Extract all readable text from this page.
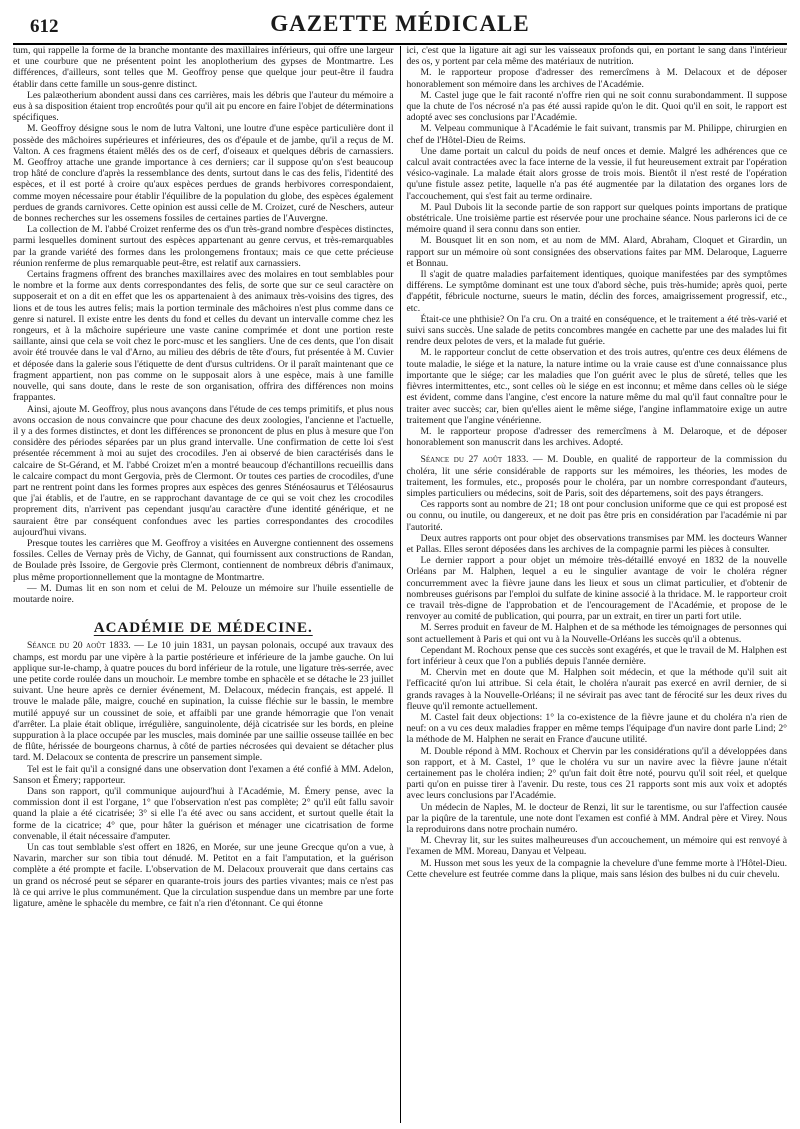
612	GAZETTE MÉDICALE

tum, qui rappelle la forme de la branche montante des maxillaires inférieurs, qui offre une largeur et une courbure que ne présentent point les anoplotherium des gypses de Montmartre. Les différences, d'ailleurs, sont telles que M. Geoffroy pense que quelque jour peut-être il faudra établir dans cette famille un sous-genre distinct.

Les palæotherium abondent aussi dans ces carrières, mais les débris que l'auteur du mémoire a eus à sa disposition étaient trop encroûtés pour qu'il ait pu encore en faire l'objet de déterminations spécifiques.

M. Geoffroy désigne sous le nom de lutra Valtoni, une loutre d'une espèce particulière dont il possède des mâchoires supérieures et inférieures, des os d'épaule et de jambe, qu'il a reçus de M. Valton. A ces fragmens étaient mêlés des os de cerf, d'oiseaux et quelques débris de carnassiers. M. Geoffroy attache une grande importance à ces derniers; car il suppose qu'on s'est beaucoup trop hâté de conclure d'après la ressemblance des dents, surtout dans le cas des felis, l'identité des espèces, et il est porté à croire qu'aux espèces perdues de grands herbivores correspondaient, comme moyen nécessaire pour établir l'équilibre de la population du globe, des espèces également perdues de grands carnivores. Cette opinion est aussi celle de M. Croizet, curé de Neschers, auteur de bonnes recherches sur les ossemens fossiles de certaines parties de l'Auvergne.

La collection de M. l'abbé Croizet renferme des os d'un très-grand nombre d'espèces distinctes, parmi lesquelles dominent surtout des espèces appartenant au genre cervus, et très-remarquables par la grande variété des formes dans les prolongemens frontaux; mais ce que cette précieuse réunion renferme de plus remarquable peut-être, est relatif aux carnassiers.

Certains fragmens offrent des branches maxillaires avec des molaires en tout semblables pour le nombre et la forme aux dents correspondantes des felis, de sorte que sur ce seul caractère on supposerait et on a dit en effet que les os appartenaient à des animaux très-voisins des tigres, des lions et de tous les autres felis; mais la portion terminale des mâchoires n'est plus comme dans ce genre si naturel. Il existe entre les dents du fond et celles du devant un intervalle comme chez les rongeurs, et à la mâchoire supérieure une vaste canine comprimée et dont une portion reste saillante, ainsi que cela se voit chez le porc-musc et les sangliers. Une de ces dents, que l'on disait avoir été trouvée dans le val d'Arno, au milieu des débris de tête d'ours, fut présentée à M. Cuvier et déposée dans la galerie sous l'étiquette de dent d'ursus cultridens. Or il paraît maintenant que ce fragment appartient, non pas comme on le supposait alors à une espèce, mais à une famille nouvelle, qui sans doute, dans le reste de son organisation, offrira des différences non moins frappantes.

Ainsi, ajoute M. Geoffroy, plus nous avançons dans l'étude de ces temps primitifs, et plus nous avons occasion de nous convaincre que pour chacune des deux zoologies, l'ancienne et l'actuelle, il y a des formes distinctes, et dont les différences se prononcent de plus en plus à mesure que l'on considère des périodes séparées par un plus grand intervalle. Une confirmation de cette loi s'est présentée récemment à moi au sujet des crocodiles. J'en ai observé de bien caractérisés dans le calcaire de St-Gérand, et M. l'abbé Croizet m'en a montré beaucoup d'échantillons recueillis dans le calcaire compact du mont Gergovia, près de Clermont. Or toutes ces parties de crocodiles, d'une part ne rentrent point dans les formes propres aux espèces des genres Sténéosaurus et Téléosaurus que j'ai établis, et de l'autre, en se rapprochant davantage de ce qui se voit chez les crocodiles proprement dits, n'arrivent pas cependant jusqu'au caractère d'une identité générique, et ne sauraient être par conséquent confondues avec les parties correspondantes des crocodiles aujourd'hui vivans.

Presque toutes les carrières que M. Geoffroy a visitées en Auvergne contiennent des ossemens fossiles. Celles de Vernay près de Vichy, de Gannat, qui fournissent aux constructions de Randan, de Boulade près Issoire, de Gergovie près Clermont, contiennent de nombreux débris d'animaux, plus même proportionnellement que la montagne de Montmartre.

— M. Dumas lit en son nom et celui de M. Pelouze un mémoire sur l'huile essentielle de moutarde noire.

ACADÉMIE DE MÉDECINE.

Séance du 20 août 1833. — Le 10 juin 1831, un paysan polonais, occupé aux travaux des champs, est mordu par une vipère à la partie postérieure et inférieure de la jambe gauche. On lui applique sur-le-champ, à quatre pouces du bord inférieur de la rotule, une ligature très-serrée, avec une petite corde roulée dans un mouchoir. Le membre tombe en sphacèle et se détache le 23 juillet suivant. Une heure après ce dernier événement, M. Delacoux, médecin français, est appelé. Il trouve le malade pâle, maigre, couché en supination, la cuisse fléchie sur le bassin, le membre mutilé appuyé sur un coussinet de soie, et affaibli par une grande hémorragie que l'on venait d'arrêter. La plaie était oblique, irrégulière, sanguinolente, déjà cicatrisée sur les bords, en pleine suppuration à la place occupée par les muscles, mais dominée par une saillie osseuse taillée en bec de flûte, hérissée de bourgeons charnus, à côté de parties nécrosées qui devaient se détacher plus tard. M. Delacoux se contenta de prescrire un pansement simple.

Tel est le fait qu'il a consigné dans une observation dont l'examen a été confié à MM. Adelon, Sanson et Émery; rapporteur.

Dans son rapport, qu'il communique aujourd'hui à l'Académie, M. Émery pense, avec la commission dont il est l'organe, 1° que l'observation n'est pas complète; 2° qu'il eût fallu savoir quand la plaie a été cicatrisée; 3° si elle l'a été avec ou sans accident, et surtout quelle était la forme de la cicatrice; 4° que, pour hâter la guérison et ménager une cicatrisation de forme convenable, il était nécessaire d'amputer.

Un cas tout semblable s'est offert en 1826, en Morée, sur une jeune Grecque qu'on a vue, à Navarin, marcher sur son tibia tout dénudé. M. Petitot en a fait l'amputation, et la guérison complète a été prompte et facile. L'observation de M. Delacoux prouverait que dans certains cas un grand os nécrosé peut se séparer en quarante-trois jours des parties vivantes; mais ce n'est pas là ce qui arrive le plus communément. Que la circulation suspendue dans un membre par une forte ligature, amène le sphacèle du membre, ce fait n'a rien d'étonnant. Ce qui étonne

ici, c'est que la ligature ait agi sur les vaisseaux profonds qui, en portant le sang dans l'intérieur des os, y portent par cela même des matériaux de nutrition.

M. le rapporteur propose d'adresser des remercîmens à M. Delacoux et de déposer honorablement son mémoire dans les archives de l'Académie.

M. Castel juge que le fait raconté n'offre rien qui ne soit connu surabondamment. Il suppose que la chute de l'os nécrosé n'a pas été aussi rapide qu'on le dit. Quoi qu'il en soit, le rapport est adopté avec ses conclusions par l'Académie.

M. Velpeau communique à l'Académie le fait suivant, transmis par M. Philippe, chirurgien en chef de l'Hôtel-Dieu de Reims.

Une dame portait un calcul du poids de neuf onces et demie. Malgré les adhérences que ce calcul avait contractées avec la face interne de la vessie, il fut heureusement extrait par l'opération vésico-vaginale. La malade était alors grosse de trois mois. Bientôt il n'est resté de l'opération qu'une fistule assez petite, laquelle n'a pas été augmentée par la dilatation des organes lors de l'accouchement, qui s'est fait au terme ordinaire.

M. Paul Dubois lit la seconde partie de son rapport sur quelques points importans de pratique obstétricale. Une troisième partie est réservée pour une prochaine séance. Nous parlerons ici de ce mémoire quand il sera connu dans son entier.

M. Bousquet lit en son nom, et au nom de MM. Alard, Abraham, Cloquet et Girardin, un rapport sur un mémoire où sont consignées des observations faites par MM. Delaroque, Laguerre et Bonnau.

Il s'agit de quatre maladies parfaitement identiques, quoique manifestées par des symptômes différens. Le symptôme dominant est une toux d'abord sèche, puis très-humide; après quoi, perte d'appétit, fébricule nocturne, sueurs le matin, déclin des forces, amaigrissement progressif, etc., etc.

Était-ce une phthisie? On l'a cru. On a traité en conséquence, et le traitement a été très-varié et suivi sans succès. Une salade de petits concombres mangée en cachette par une des malades lui fit rendre deux pelotes de vers, et la malade fut guérie.

M. le rapporteur conclut de cette observation et des trois autres, qu'entre ces deux élémens de toute maladie, le siége et la nature, la nature intime ou la vraie cause est d'une connaissance plus importante que le siége; car les maladies que l'on guérit avec le plus de sûreté, telles que les fièvres intermittentes, etc., sont celles où le siége en est inconnu; et même dans celles où le siége est évident, comme dans l'angine, c'est encore la nature même du mal qu'il faut connaître pour le traiter avec succès; car, bien qu'elles aient le même siége, l'angine inflammatoire exige un autre traitement que l'angine vénérienne.

M. le rapporteur propose d'adresser des remercîmens à M. Delaroque, et de déposer honorablement son manuscrit dans les archives. Adopté.

Séance du 27 août 1833. — M. Double, en qualité de rapporteur de la commission du choléra, lit une série considérable de rapports sur les mémoires, les théories, les modes de traitement, les formules, etc., proposés pour le choléra, par un nombre correspondant d'auteurs, simples particuliers ou médecins, soit de Paris, soit des départemens, soit des pays étrangers.

Ces rapports sont au nombre de 21; 18 ont pour conclusion uniforme que ce qui est proposé est ou connu, ou inutile, ou dangereux, et ne doit pas être pris en considération par l'académie ni par l'autorité.

Deux autres rapports ont pour objet des observations transmises par MM. les docteurs Wanner et Pallas. Elles seront déposées dans les archives de la compagnie parmi les pièces à consulter.

Le dernier rapport a pour objet un mémoire très-détaillé envoyé en 1832 de la nouvelle Orléans par M. Halphen, lequel a eu le singulier avantage de voir le choléra régner concurremment avec la fièvre jaune dans les lieux et sous un climat particulier, et d'obtenir de nombreuses guérisons par l'emploi du sulfate de kinine associé à la thridace. M. le rapporteur croit ce travail très-digne de l'approbation et de l'encouragement de l'Académie, et propose de le renvoyer au comité de publication, qui pourra, par un extrait, en tirer un parti fort utile.

M. Serres produit en faveur de M. Halphen et de sa méthode les témoignages de personnes qui sont actuellement à Paris et qui ont vu à la Nouvelle-Orléans les succès qu'il a obtenus.

Cependant M. Rochoux pense que ces succès sont exagérés, et que le travail de M. Halphen est fort inférieur à ceux que l'on a publiés depuis l'année dernière.

M. Chervin met en doute que M. Halphen soit médecin, et que la méthode qu'il suit ait l'efficacité qu'on lui attribue. Si cela était, le choléra n'aurait pas exercé en avril dernier, de si grands ravages à la Nouvelle-Orléans; il ne sévirait pas avec tant de férocité sur les deux rives du fleuve qu'il remonte actuellement.

M. Castel fait deux objections: 1° la co-existence de la fièvre jaune et du choléra n'a rien de neuf: on a vu ces deux maladies frapper en même temps l'équipage d'un navire dont parle Lind; 2° la méthode de M. Halphen ne serait en France d'aucune utilité.

M. Double répond à MM. Rochoux et Chervin par les considérations qu'il a développées dans son rapport, et à M. Castel, 1° que le choléra vu sur un navire avec la fièvre jaune n'était certainement pas le choléra indien; 2° qu'un fait doit être noté, pourvu qu'il soit réel, et quelque parti qu'on en puisse tirer à l'avenir. Du reste, tous ces 21 rapports sont mis aux voix et adoptés avec leurs conclusions par l'Académie.

Un médecin de Naples, M. le docteur de Renzi, lit sur le tarentisme, ou sur l'affection causée par la piqûre de la tarentule, une note dont l'examen est confié à MM. Andral père et Virey. Nous la reproduirons dans notre prochain numéro.

M. Chevray lit, sur les suites malheureuses d'un accouchement, un mémoire qui est renvoyé à l'examen de MM. Moreau, Danyau et Velpeau.

M. Husson met sous les yeux de la compagnie la chevelure d'une femme morte à l'Hôtel-Dieu. Cette chevelure est feutrée comme dans la plique, mais sans lésion des bulbes ni du cuir chevelu.
